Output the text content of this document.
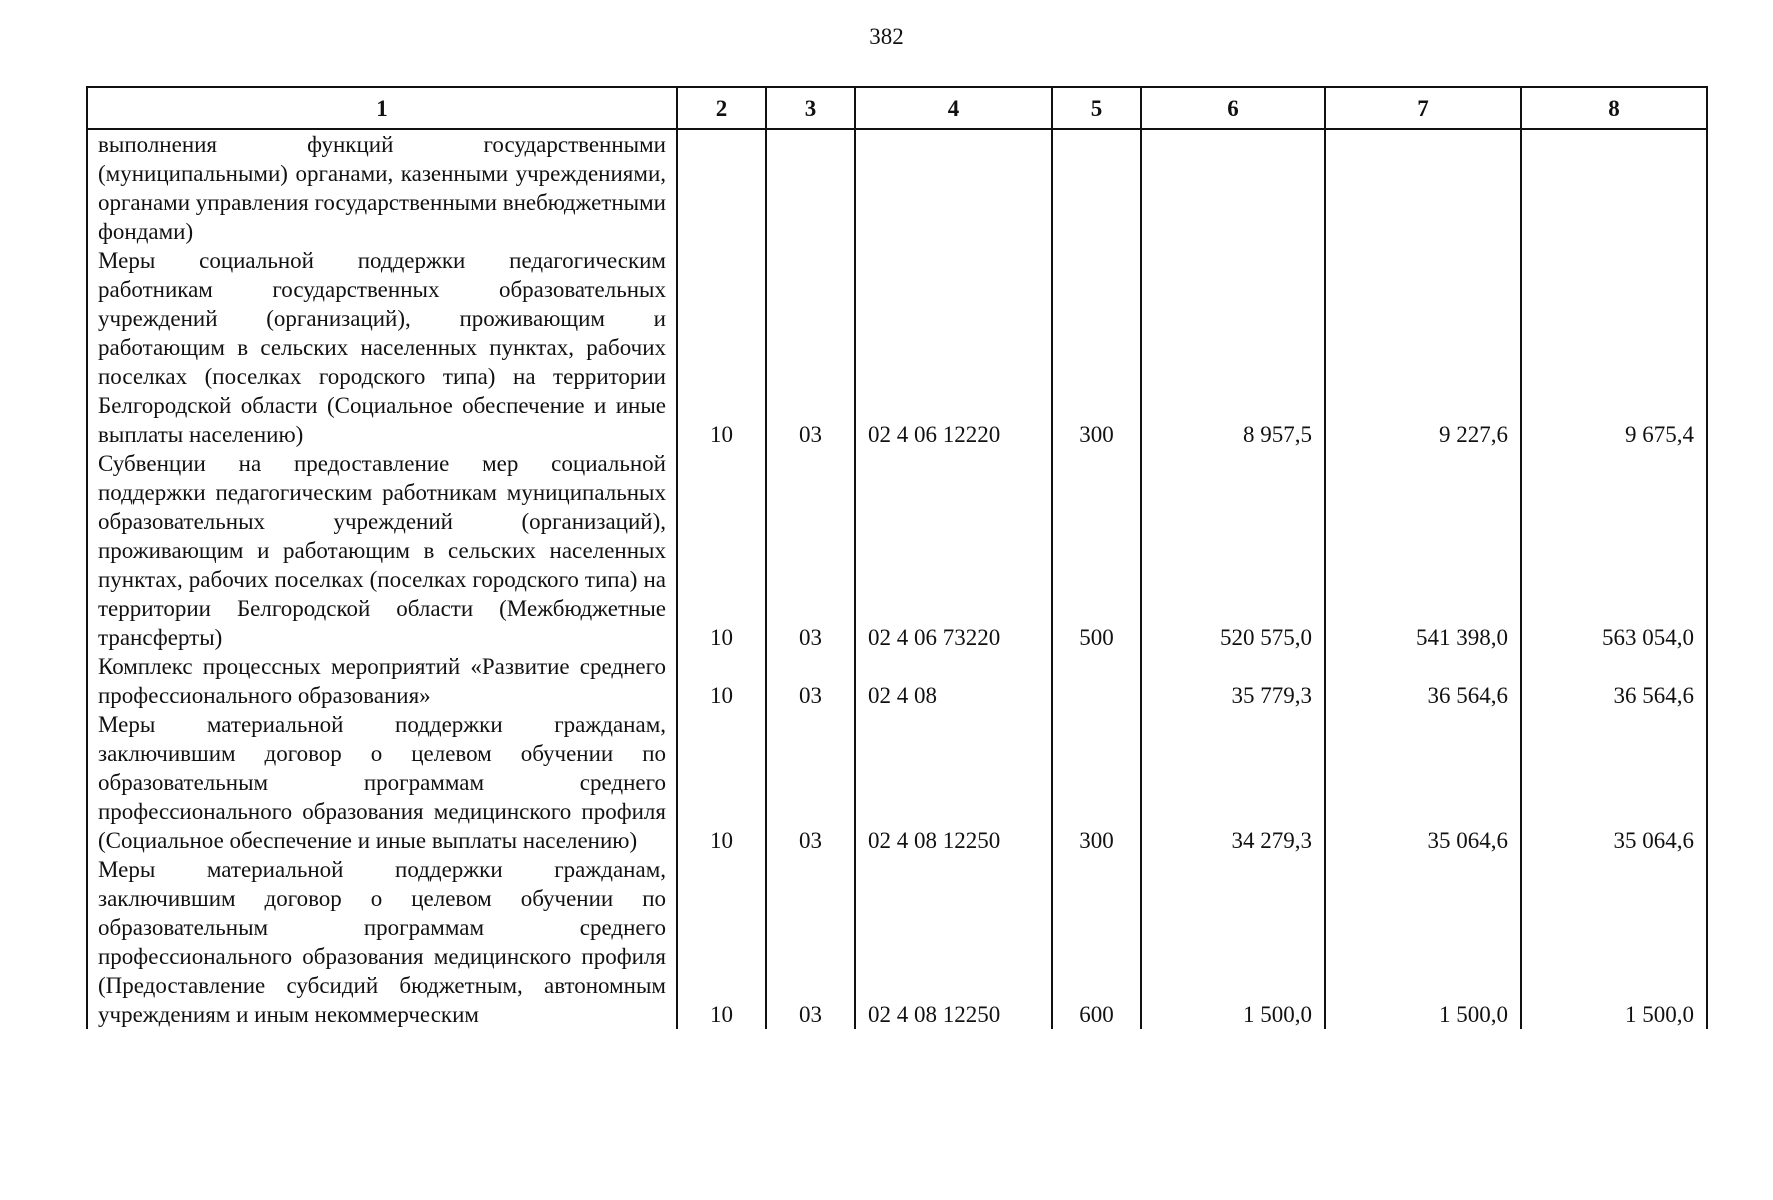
382
1	2	3	4	5	6	7	8
выполнения функций государственными (муниципальными) органами, казенными учреждениями, органами управления государственными внебюджетными фондами)							
Меры социальной поддержки педагогическим работникам государственных образовательных учреждений (организаций), проживающим и работающим в сельских населенных пунктах, рабочих поселках (поселках городского типа) на территории Белгородской области (Социальное обеспечение и иные выплаты населению)	10	03	02 4 06 12220	300	8 957,5	9 227,6	9 675,4
Субвенции на предоставление мер социальной поддержки педагогическим работникам муниципальных образовательных учреждений (организаций), проживающим и работающим в сельских населенных пунктах, рабочих поселках (поселках городского типа) на территории Белгородской области (Межбюджетные трансферты)	10	03	02 4 06 73220	500	520 575,0	541 398,0	563 054,0
Комплекс процессных мероприятий «Развитие среднего профессионального образования»	10	03	02 4 08		35 779,3	36 564,6	36 564,6
Меры материальной поддержки гражданам, заключившим договор о целевом обучении по образовательным программам среднего профессионального образования медицинского профиля (Социальное обеспечение и иные выплаты населению)	10	03	02 4 08 12250	300	34 279,3	35 064,6	35 064,6
Меры материальной поддержки гражданам, заключившим договор о целевом обучении по образовательным программам среднего профессионального образования медицинского профиля (Предоставление субсидий бюджетным, автономным учреждениям и иным некоммерческим	10	03	02 4 08 12250	600	1 500,0	1 500,0	1 500,0
